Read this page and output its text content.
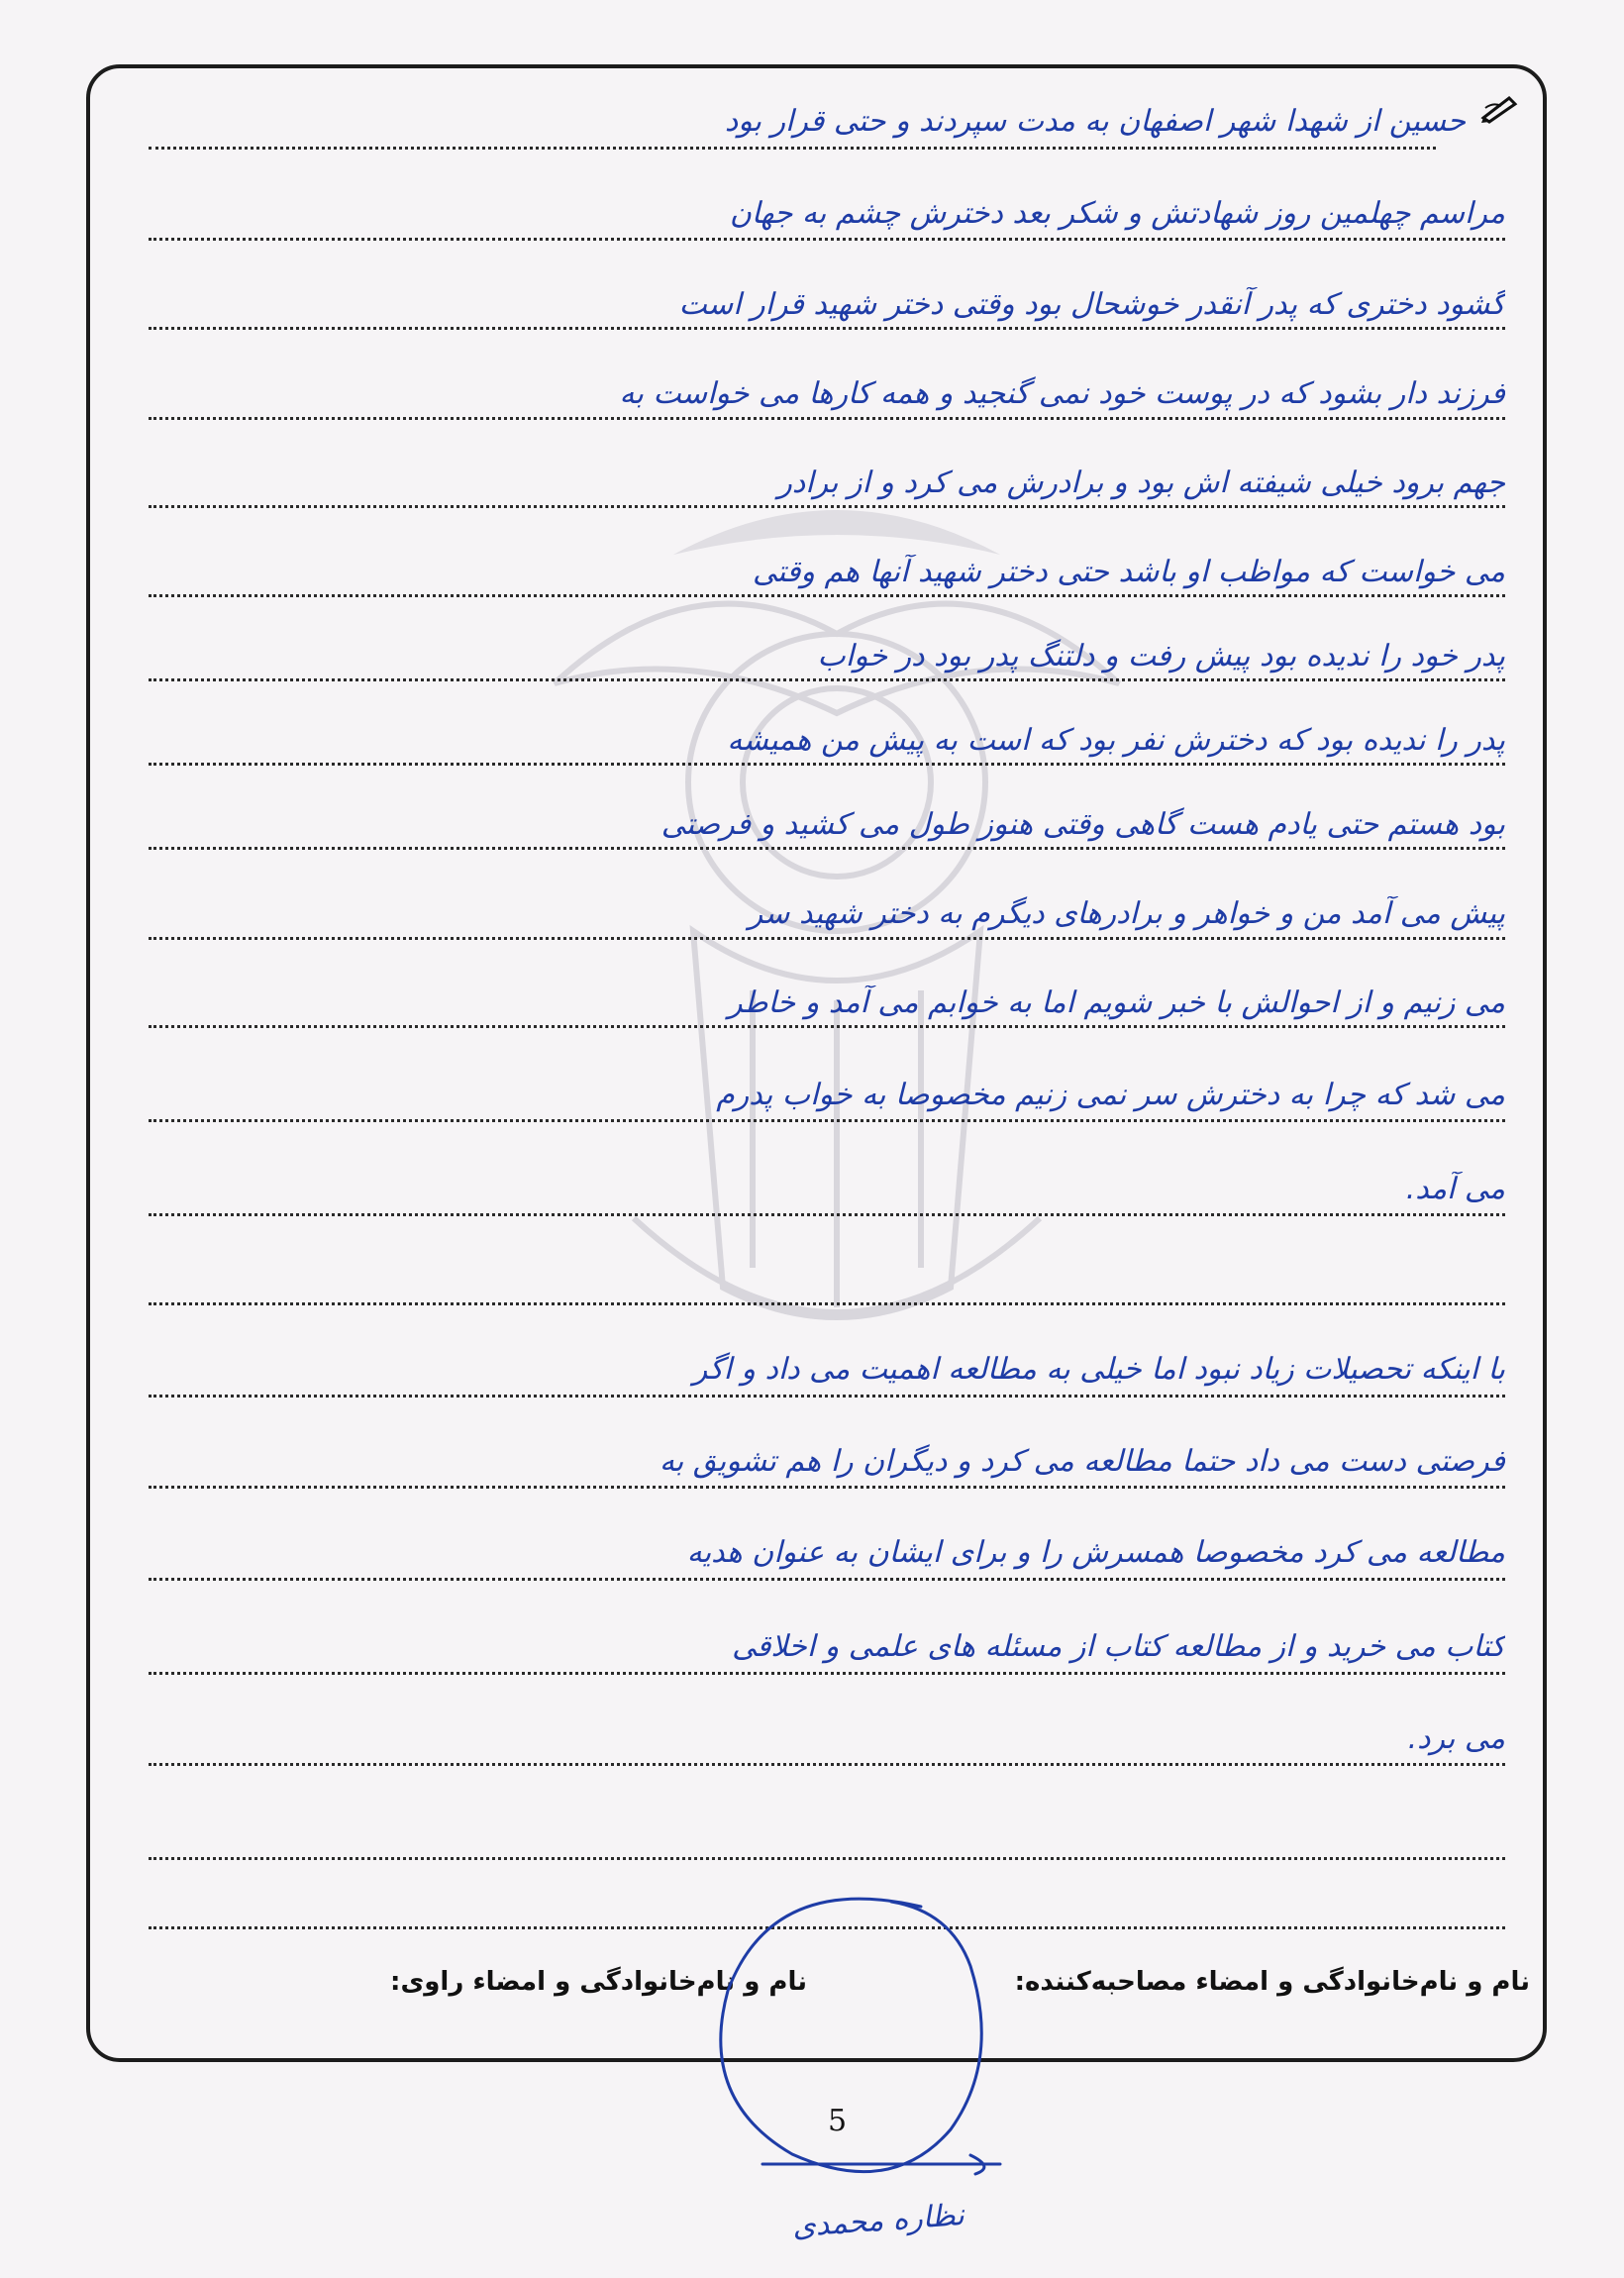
حسین از شهدا شهر اصفهان به مدت سپردند و حتی قرار بود
مراسم چهلمین روز شهادتش و شکر بعد دخترش چشم به جهان
گشود دختری که پدر آنقدر خوشحال بود وقتی دختر شهید قرار است
فرزند دار بشود که در پوست خود نمی گنجید و همه کارها می خواست به
جهم برود خیلی شیفته اش بود و برادرش می کرد و از برادر
می خواست که مواظب او باشد حتی دختر شهید آنها هم وقتی
پدر خود را ندیده بود پیش رفت و دلتنگ پدر بود در خواب
پدر را ندیده بود که دخترش نفر بود که است به پیش من همیشه
بود هستم حتی یادم هست گاهی وقتی هنوز طول می کشید و فرصتی
پیش می آمد من و خواهر و برادرهای دیگرم به دختر شهید سر
می زنیم و از احوالش با خبر شویم اما به خوابم می آمد و خاطر
می شد که چرا به دخترش سر نمی زنیم مخصوصا به خواب پدرم
می آمد.
با اینکه تحصیلات زیاد نبود اما خیلی به مطالعه اهمیت می داد و اگر
فرصتی دست می داد حتما مطالعه می کرد و دیگران را هم تشویق به
مطالعه می کرد مخصوصا همسرش را و برای ایشان به عنوان هدیه
کتاب می خرید و از مطالعه کتاب از مسئله های علمی و اخلاقی
می برد.
نام و نام‌خانوادگی و امضاء مصاحبه‌کننده:
نام و نام‌خانوادگی و امضاء راوی:
5
نظاره محمدی
